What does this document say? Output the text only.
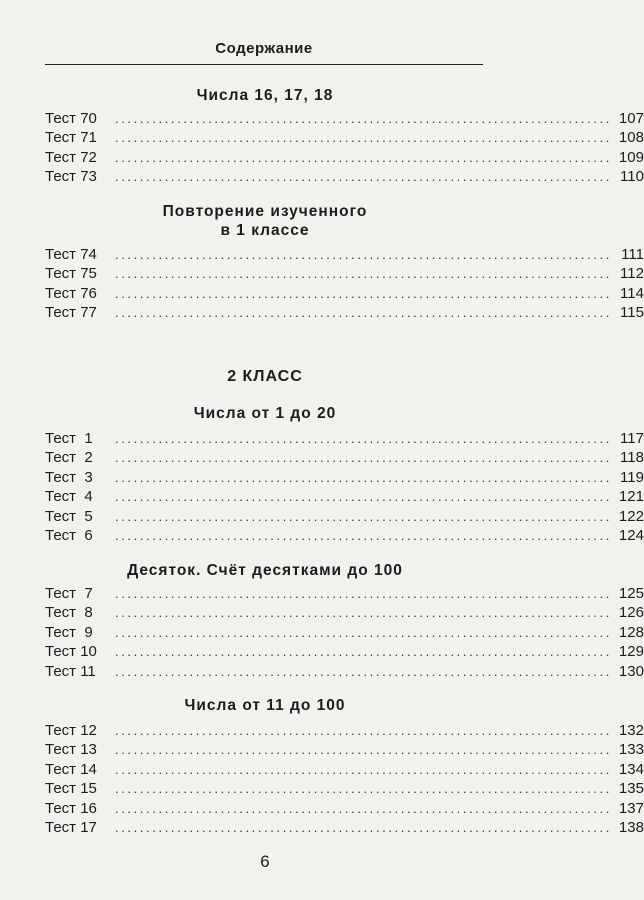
Содержание
Числа 16, 17, 18
Тест 70	................................................................................ 107
Тест 71	................................................................................ 108
Тест 72	................................................................................ 109
Тест 73	................................................................................ 110
Повторение изученного
в 1 классе
Тест 74	................................................................................ 111
Тест 75	................................................................................ 112
Тест 76	................................................................................ 114
Тест 77	................................................................................ 115
2 КЛАСС
Числа от 1 до 20
Тест  1	................................................................................ 117
Тест  2	................................................................................ 118
Тест  3	................................................................................ 119
Тест  4	................................................................................ 121
Тест  5	................................................................................ 122
Тест  6	................................................................................ 124
Десяток. Счёт десятками до 100
Тест  7	................................................................................ 125
Тест  8	................................................................................ 126
Тест  9	................................................................................ 128
Тест 10	................................................................................ 129
Тест 11	................................................................................ 130
Числа от 11 до 100
Тест 12	................................................................................ 132
Тест 13	................................................................................ 133
Тест 14	................................................................................ 134
Тест 15	................................................................................ 135
Тест 16	................................................................................ 137
Тест 17	................................................................................ 138
6
